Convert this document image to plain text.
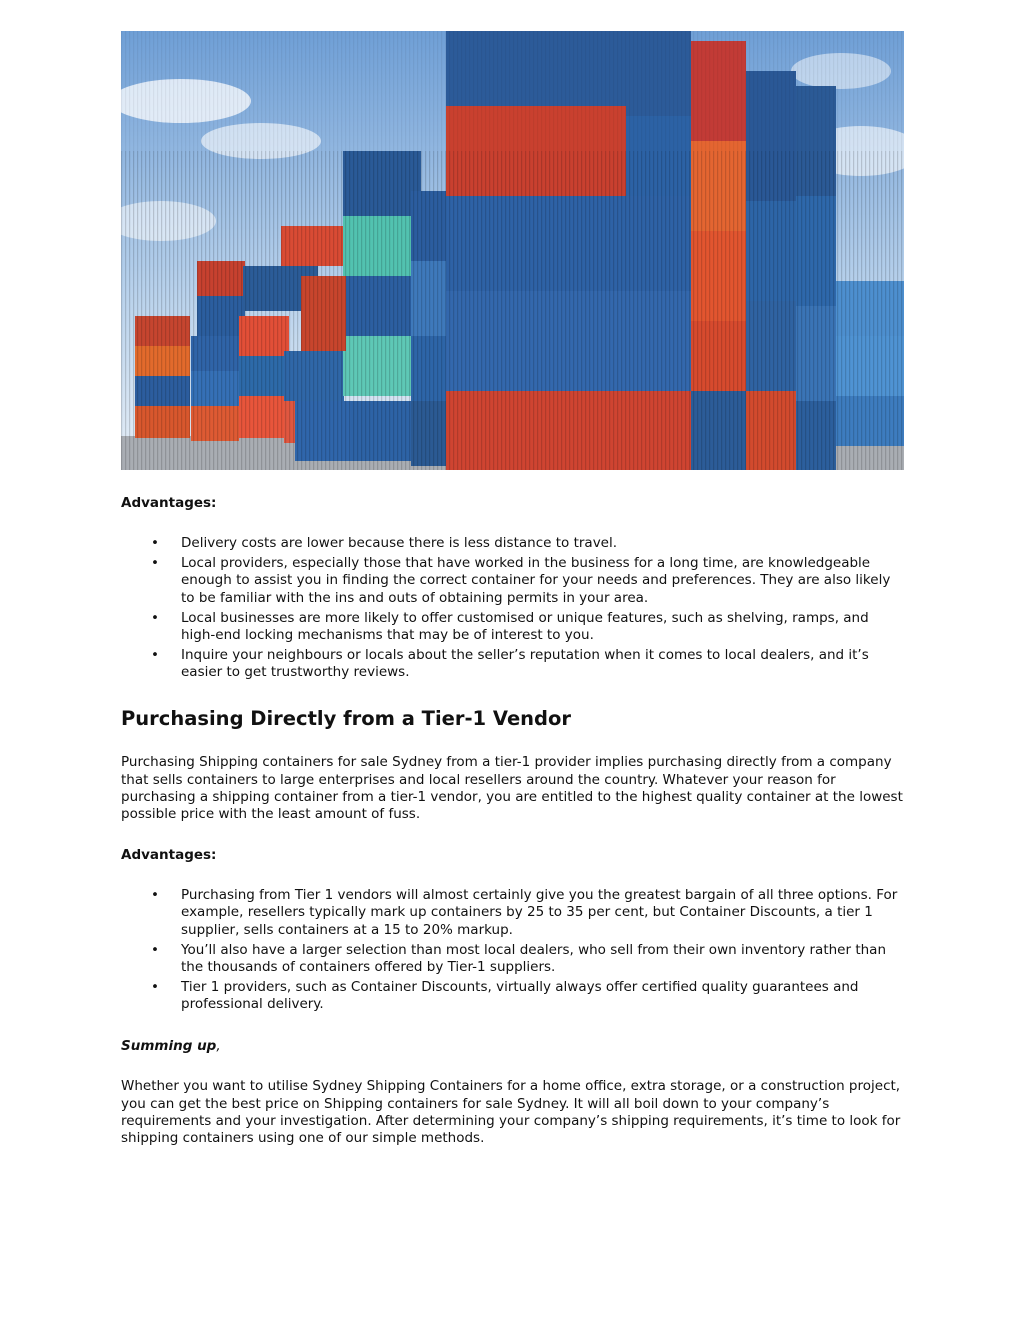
Advantages:

• Delivery costs are lower because there is less distance to travel.
• Local providers, especially those that have worked in the business for a long time, are knowledgeable enough to assist you in finding the correct container for your needs and preferences. They are also likely to be familiar with the ins and outs of obtaining permits in your area.
• Local businesses are more likely to offer customised or unique features, such as shelving, ramps, and high-end locking mechanisms that may be of interest to you.
• Inquire your neighbours or locals about the seller’s reputation when it comes to local dealers, and it’s easier to get trustworthy reviews.
Purchasing Directly from a Tier-1 Vendor

Purchasing Shipping containers for sale Sydney from a tier-1 provider implies purchasing directly from a company that sells containers to large enterprises and local resellers around the country. Whatever your reason for purchasing a shipping container from a tier-1 vendor, you are entitled to the highest quality container at the lowest possible price with the least amount of fuss.

Advantages:

• Purchasing from Tier 1 vendors will almost certainly give you the greatest bargain of all three options. For example, resellers typically mark up containers by 25 to 35 per cent, but Container Discounts, a tier 1 supplier, sells containers at a 15 to 20% markup.
• You’ll also have a larger selection than most local dealers, who sell from their own inventory rather than the thousands of containers offered by Tier-1 suppliers.
• Tier 1 providers, such as Container Discounts, virtually always offer certified quality guarantees and professional delivery.

Summing up,

Whether you want to utilise Sydney Shipping Containers for a home office, extra storage, or a construction project, you can get the best price on Shipping containers for sale Sydney. It will all boil down to your company’s requirements and your investigation. After determining your company’s shipping requirements, it’s time to look for shipping containers using one of our simple methods.
